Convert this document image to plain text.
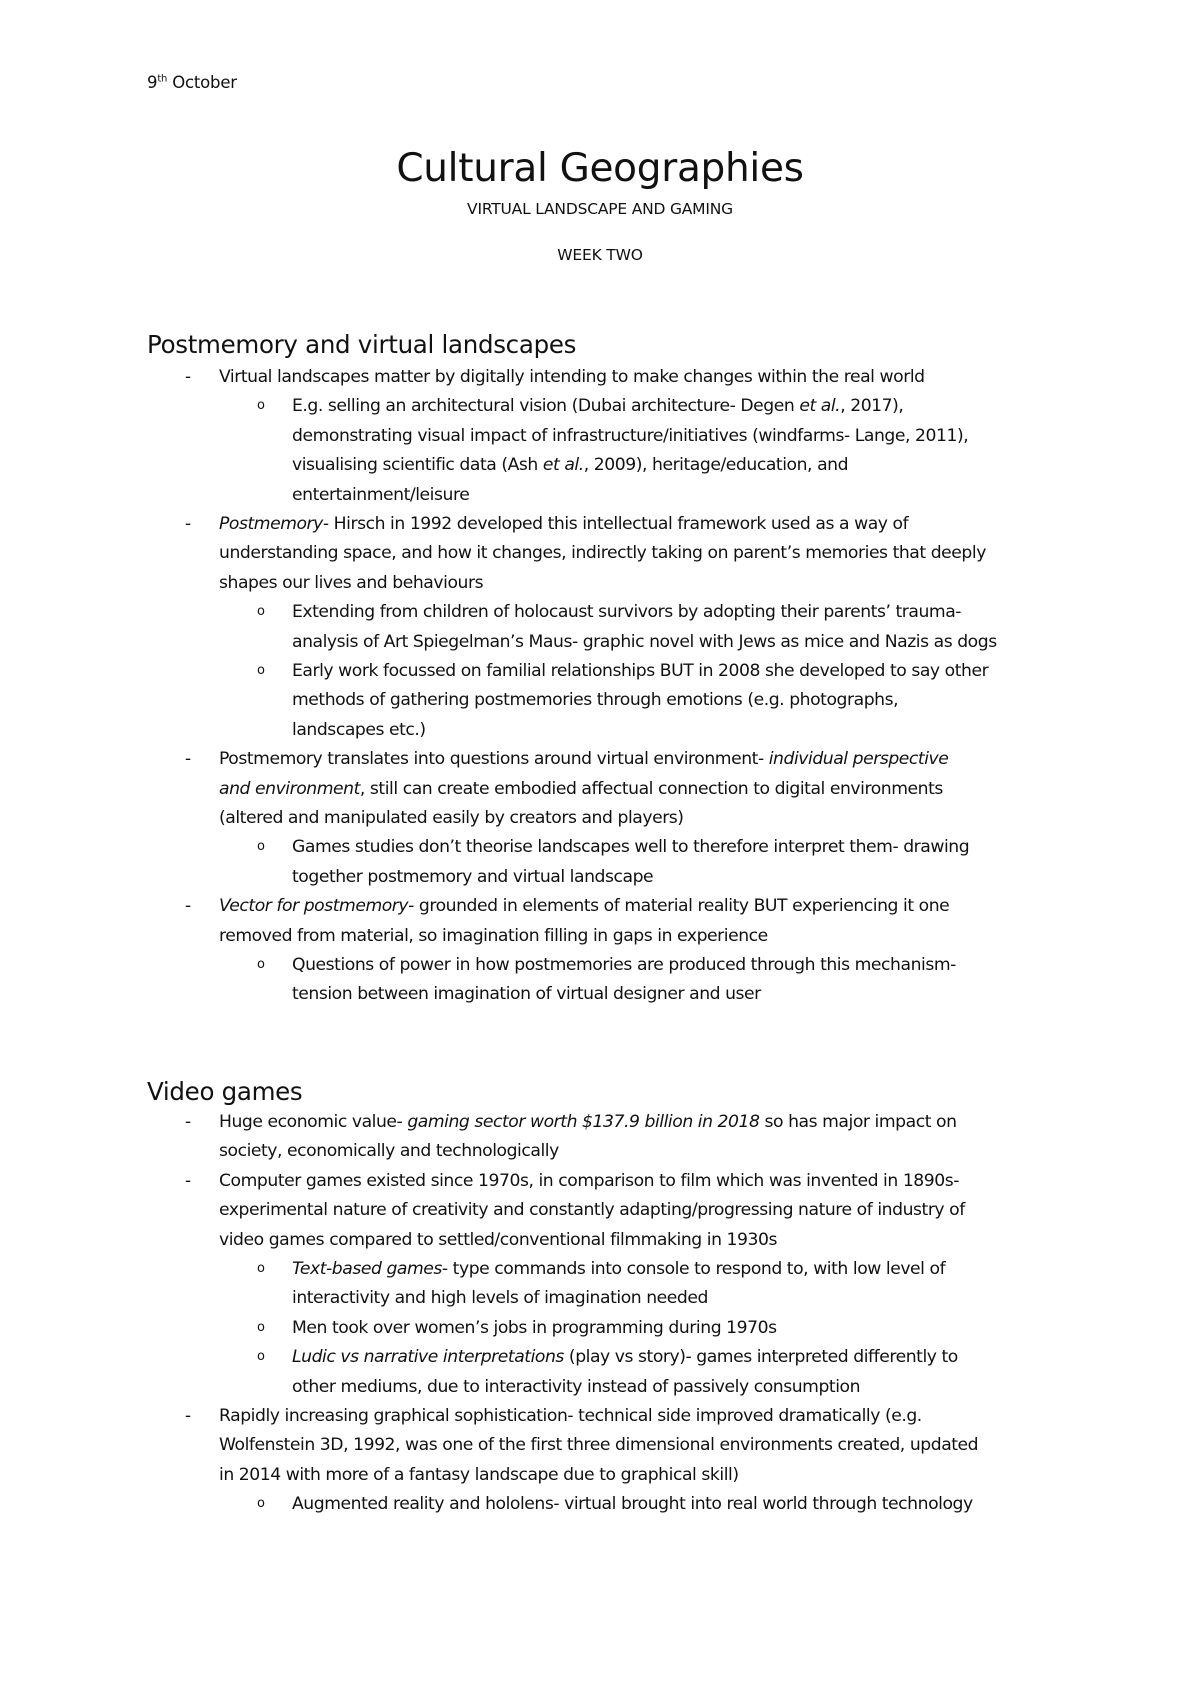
9th October
Cultural Geographies
VIRTUAL LANDSCAPE AND GAMING
WEEK TWO
Postmemory and virtual landscapes
- Virtual landscapes matter by digitally intending to make changes within the real world
o E.g. selling an architectural vision (Dubai architecture- Degen et al., 2017),
demonstrating visual impact of infrastructure/initiatives (windfarms- Lange, 2011),
visualising scientific data (Ash et al., 2009), heritage/education, and
entertainment/leisure
- Postmemory- Hirsch in 1992 developed this intellectual framework used as a way of
understanding space, and how it changes, indirectly taking on parent’s memories that deeply
shapes our lives and behaviours
o Extending from children of holocaust survivors by adopting their parents’ trauma-
analysis of Art Spiegelman’s Maus- graphic novel with Jews as mice and Nazis as dogs
o Early work focussed on familial relationships BUT in 2008 she developed to say other
methods of gathering postmemories through emotions (e.g. photographs,
landscapes etc.)
- Postmemory translates into questions around virtual environment- individual perspective
and environment, still can create embodied affectual connection to digital environments
(altered and manipulated easily by creators and players)
o Games studies don’t theorise landscapes well to therefore interpret them- drawing
together postmemory and virtual landscape
- Vector for postmemory- grounded in elements of material reality BUT experiencing it one
removed from material, so imagination filling in gaps in experience
o Questions of power in how postmemories are produced through this mechanism-
tension between imagination of virtual designer and user
Video games
- Huge economic value- gaming sector worth $137.9 billion in 2018 so has major impact on
society, economically and technologically
- Computer games existed since 1970s, in comparison to film which was invented in 1890s-
experimental nature of creativity and constantly adapting/progressing nature of industry of
video games compared to settled/conventional filmmaking in 1930s
o Text-based games- type commands into console to respond to, with low level of
interactivity and high levels of imagination needed
o Men took over women’s jobs in programming during 1970s
o Ludic vs narrative interpretations (play vs story)- games interpreted differently to
other mediums, due to interactivity instead of passively consumption
- Rapidly increasing graphical sophistication- technical side improved dramatically (e.g.
Wolfenstein 3D, 1992, was one of the first three dimensional environments created, updated
in 2014 with more of a fantasy landscape due to graphical skill)
o Augmented reality and hololens- virtual brought into real world through technology
